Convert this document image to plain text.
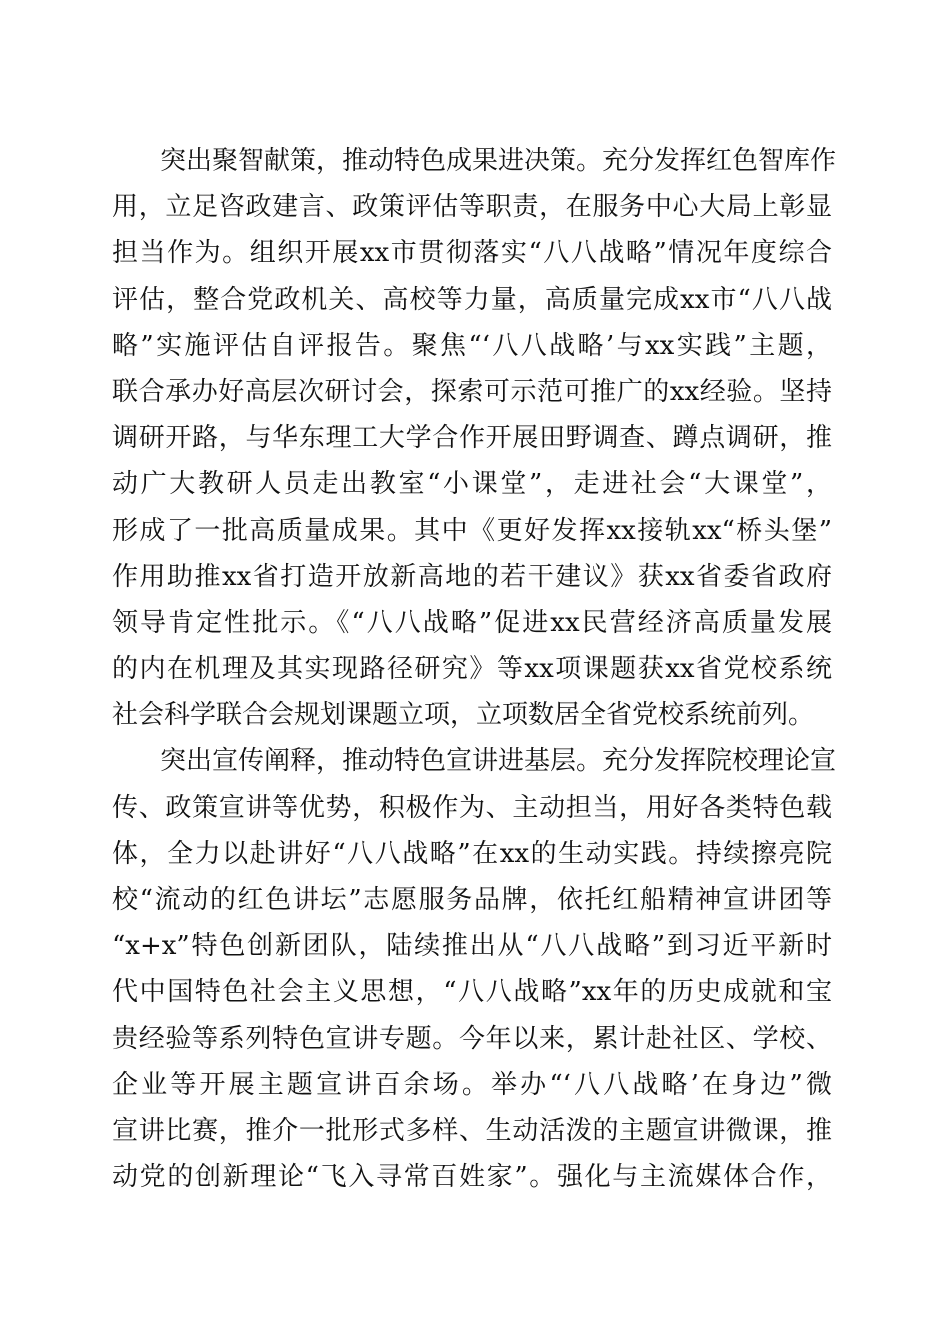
突出聚智献策，推动特色成果进决策。充分发挥红色智库作
用，立足咨政建言、政策评估等职责，在服务中心大局上彰显
担当作为。组织开展xx市贯彻落实“八八战略”情况年度综合
评估，整合党政机关、高校等力量，高质量完成xx市“八八战
略”实施评估自评报告。聚焦“‘八八战略’与xx实践”主题，
联合承办好高层次研讨会，探索可示范可推广的xx经验。坚持
调研开路，与华东理工大学合作开展田野调查、蹲点调研，推
动广大教研人员走出教室“小课堂”，走进社会“大课堂”，
形成了一批高质量成果。其中《更好发挥xx接轨xx“桥头堡”
作用助推xx省打造开放新高地的若干建议》获xx省委省政府
领导肯定性批示。《“八八战略”促进xx民营经济高质量发展
的内在机理及其实现路径研究》等xx项课题获xx省党校系统
社会科学联合会规划课题立项，立项数居全省党校系统前列。
突出宣传阐释，推动特色宣讲进基层。充分发挥院校理论宣
传、政策宣讲等优势，积极作为、主动担当，用好各类特色载
体，全力以赴讲好“八八战略”在xx的生动实践。持续擦亮院
校“流动的红色讲坛”志愿服务品牌，依托红船精神宣讲团等
“x+x”特色创新团队，陆续推出从“八八战略”到习近平新时
代中国特色社会主义思想，“八八战略”xx年的历史成就和宝
贵经验等系列特色宣讲专题。今年以来，累计赴社区、学校、
企业等开展主题宣讲百余场。举办“‘八八战略’在身边”微
宣讲比赛，推介一批形式多样、生动活泼的主题宣讲微课，推
动党的创新理论“飞入寻常百姓家”。强化与主流媒体合作，
